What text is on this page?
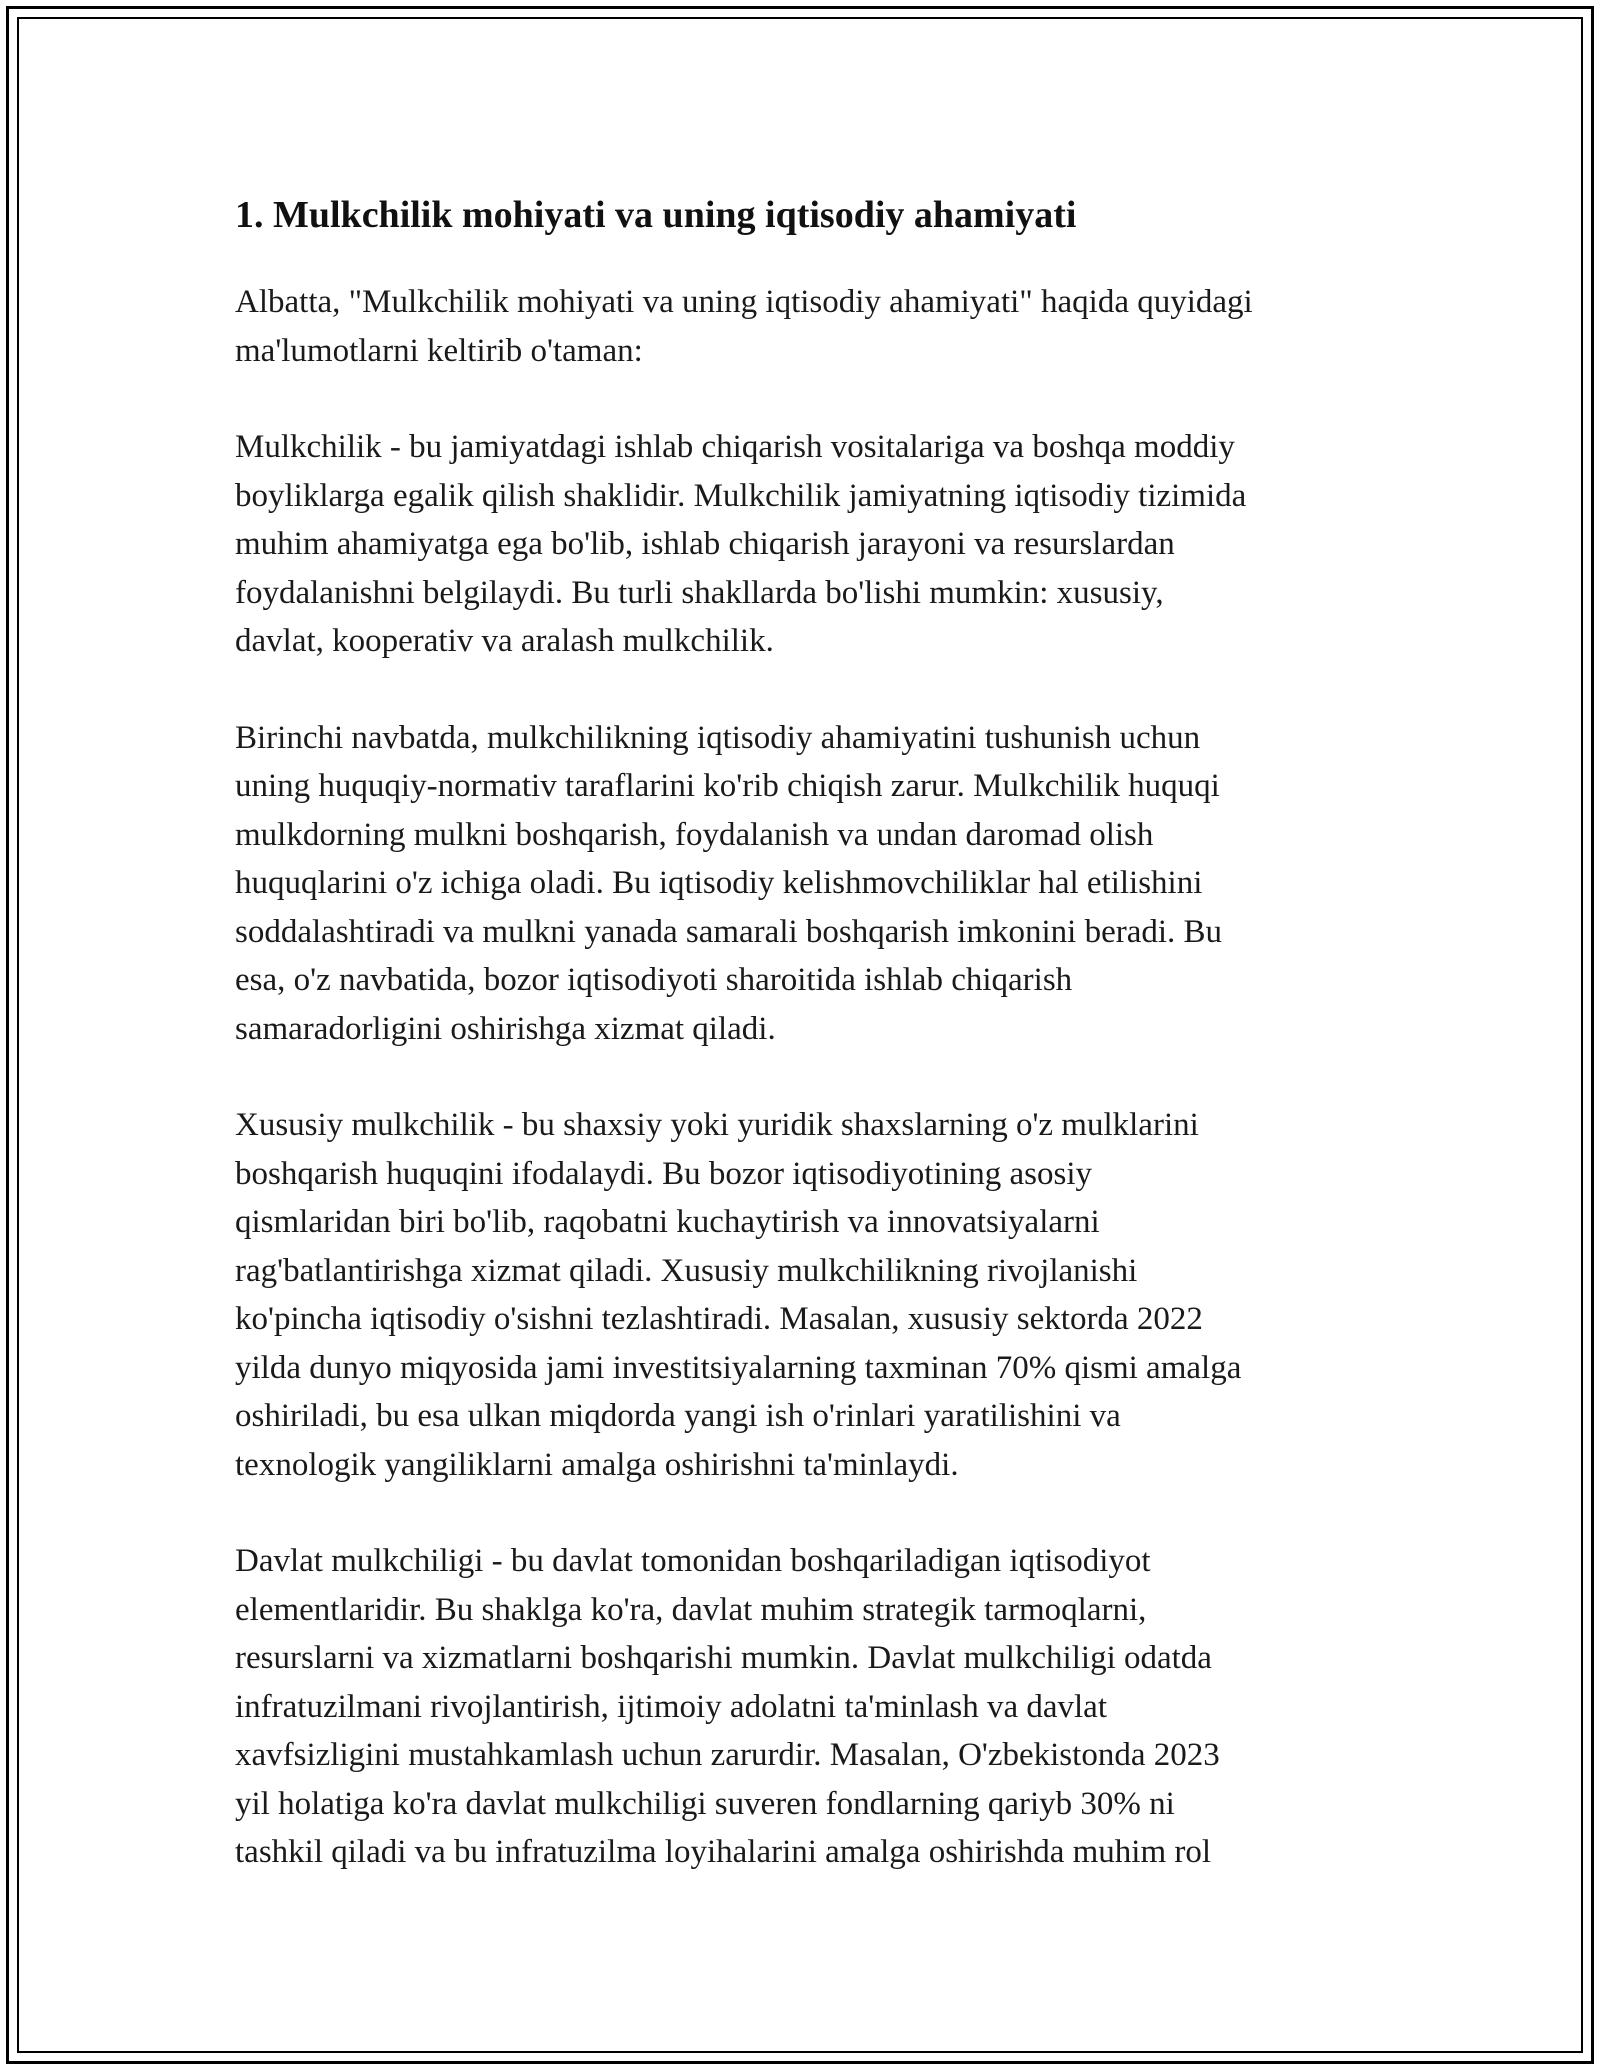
1. Mulkchilik mohiyati va uning iqtisodiy ahamiyati

Albatta, "Mulkchilik mohiyati va uning iqtisodiy ahamiyati" haqida quyidagi
ma'lumotlarni keltirib o'taman:

Mulkchilik - bu jamiyatdagi ishlab chiqarish vositalariga va boshqa moddiy
boyliklarga egalik qilish shaklidir. Mulkchilik jamiyatning iqtisodiy tizimida
muhim ahamiyatga ega bo'lib, ishlab chiqarish jarayoni va resurslardan
foydalanishni belgilaydi. Bu turli shakllarda bo'lishi mumkin: xususiy,
davlat, kooperativ va aralash mulkchilik.

Birinchi navbatda, mulkchilikning iqtisodiy ahamiyatini tushunish uchun
uning huquqiy-normativ taraflarini ko'rib chiqish zarur. Mulkchilik huquqi
mulkdorning mulkni boshqarish, foydalanish va undan daromad olish
huquqlarini o'z ichiga oladi. Bu iqtisodiy kelishmovchiliklar hal etilishini
soddalashtiradi va mulkni yanada samarali boshqarish imkonini beradi. Bu
esa, o'z navbatida, bozor iqtisodiyoti sharoitida ishlab chiqarish
samaradorligini oshirishga xizmat qiladi.

Xususiy mulkchilik - bu shaxsiy yoki yuridik shaxslarning o'z mulklarini
boshqarish huquqini ifodalaydi. Bu bozor iqtisodiyotining asosiy
qismlaridan biri bo'lib, raqobatni kuchaytirish va innovatsiyalarni
rag'batlantirishga xizmat qiladi. Xususiy mulkchilikning rivojlanishi
ko'pincha iqtisodiy o'sishni tezlashtiradi. Masalan, xususiy sektorda 2022
yilda dunyo miqyosida jami investitsiyalarning taxminan 70% qismi amalga
oshiriladi, bu esa ulkan miqdorda yangi ish o'rinlari yaratilishini va
texnologik yangiliklarni amalga oshirishni ta'minlaydi.

Davlat mulkchiligi - bu davlat tomonidan boshqariladigan iqtisodiyot
elementlaridir. Bu shaklga ko'ra, davlat muhim strategik tarmoqlarni,
resurslarni va xizmatlarni boshqarishi mumkin. Davlat mulkchiligi odatda
infratuzilmani rivojlantirish, ijtimoiy adolatni ta'minlash va davlat
xavfsizligini mustahkamlash uchun zarurdir. Masalan, O'zbekistonda 2023
yil holatiga ko'ra davlat mulkchiligi suveren fondlarning qariyb 30% ni
tashkil qiladi va bu infratuzilma loyihalarini amalga oshirishda muhim rol
